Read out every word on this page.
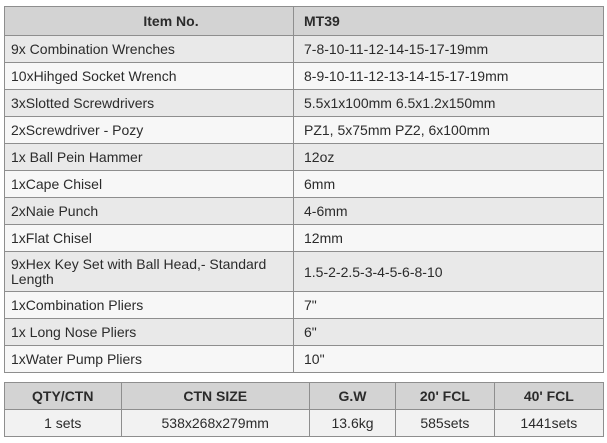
Item No.	MT39
9x Combination Wrenches	7-8-10-11-12-14-15-17-19mm
10xHihged Socket Wrench	8-9-10-11-12-13-14-15-17-19mm
3xSlotted Screwdrivers	5.5x1x100mm 6.5x1.2x150mm
2xScrewdriver - Pozy	PZ1, 5x75mm PZ2, 6x100mm
1x Ball Pein Hammer	12oz
1xCape Chisel	6mm
2xNaie Punch	4-6mm
1xFlat Chisel	12mm
9xHex Key Set with Ball Head,- Standard Length	1.5-2-2.5-3-4-5-6-8-10
1xCombination Pliers	7"
1x Long Nose Pliers	6"
1xWater Pump Pliers	10"
QTY/CTN	CTN SIZE	G.W	20' FCL	40' FCL
1 sets	538x268x279mm	13.6kg	585sets	1441sets
